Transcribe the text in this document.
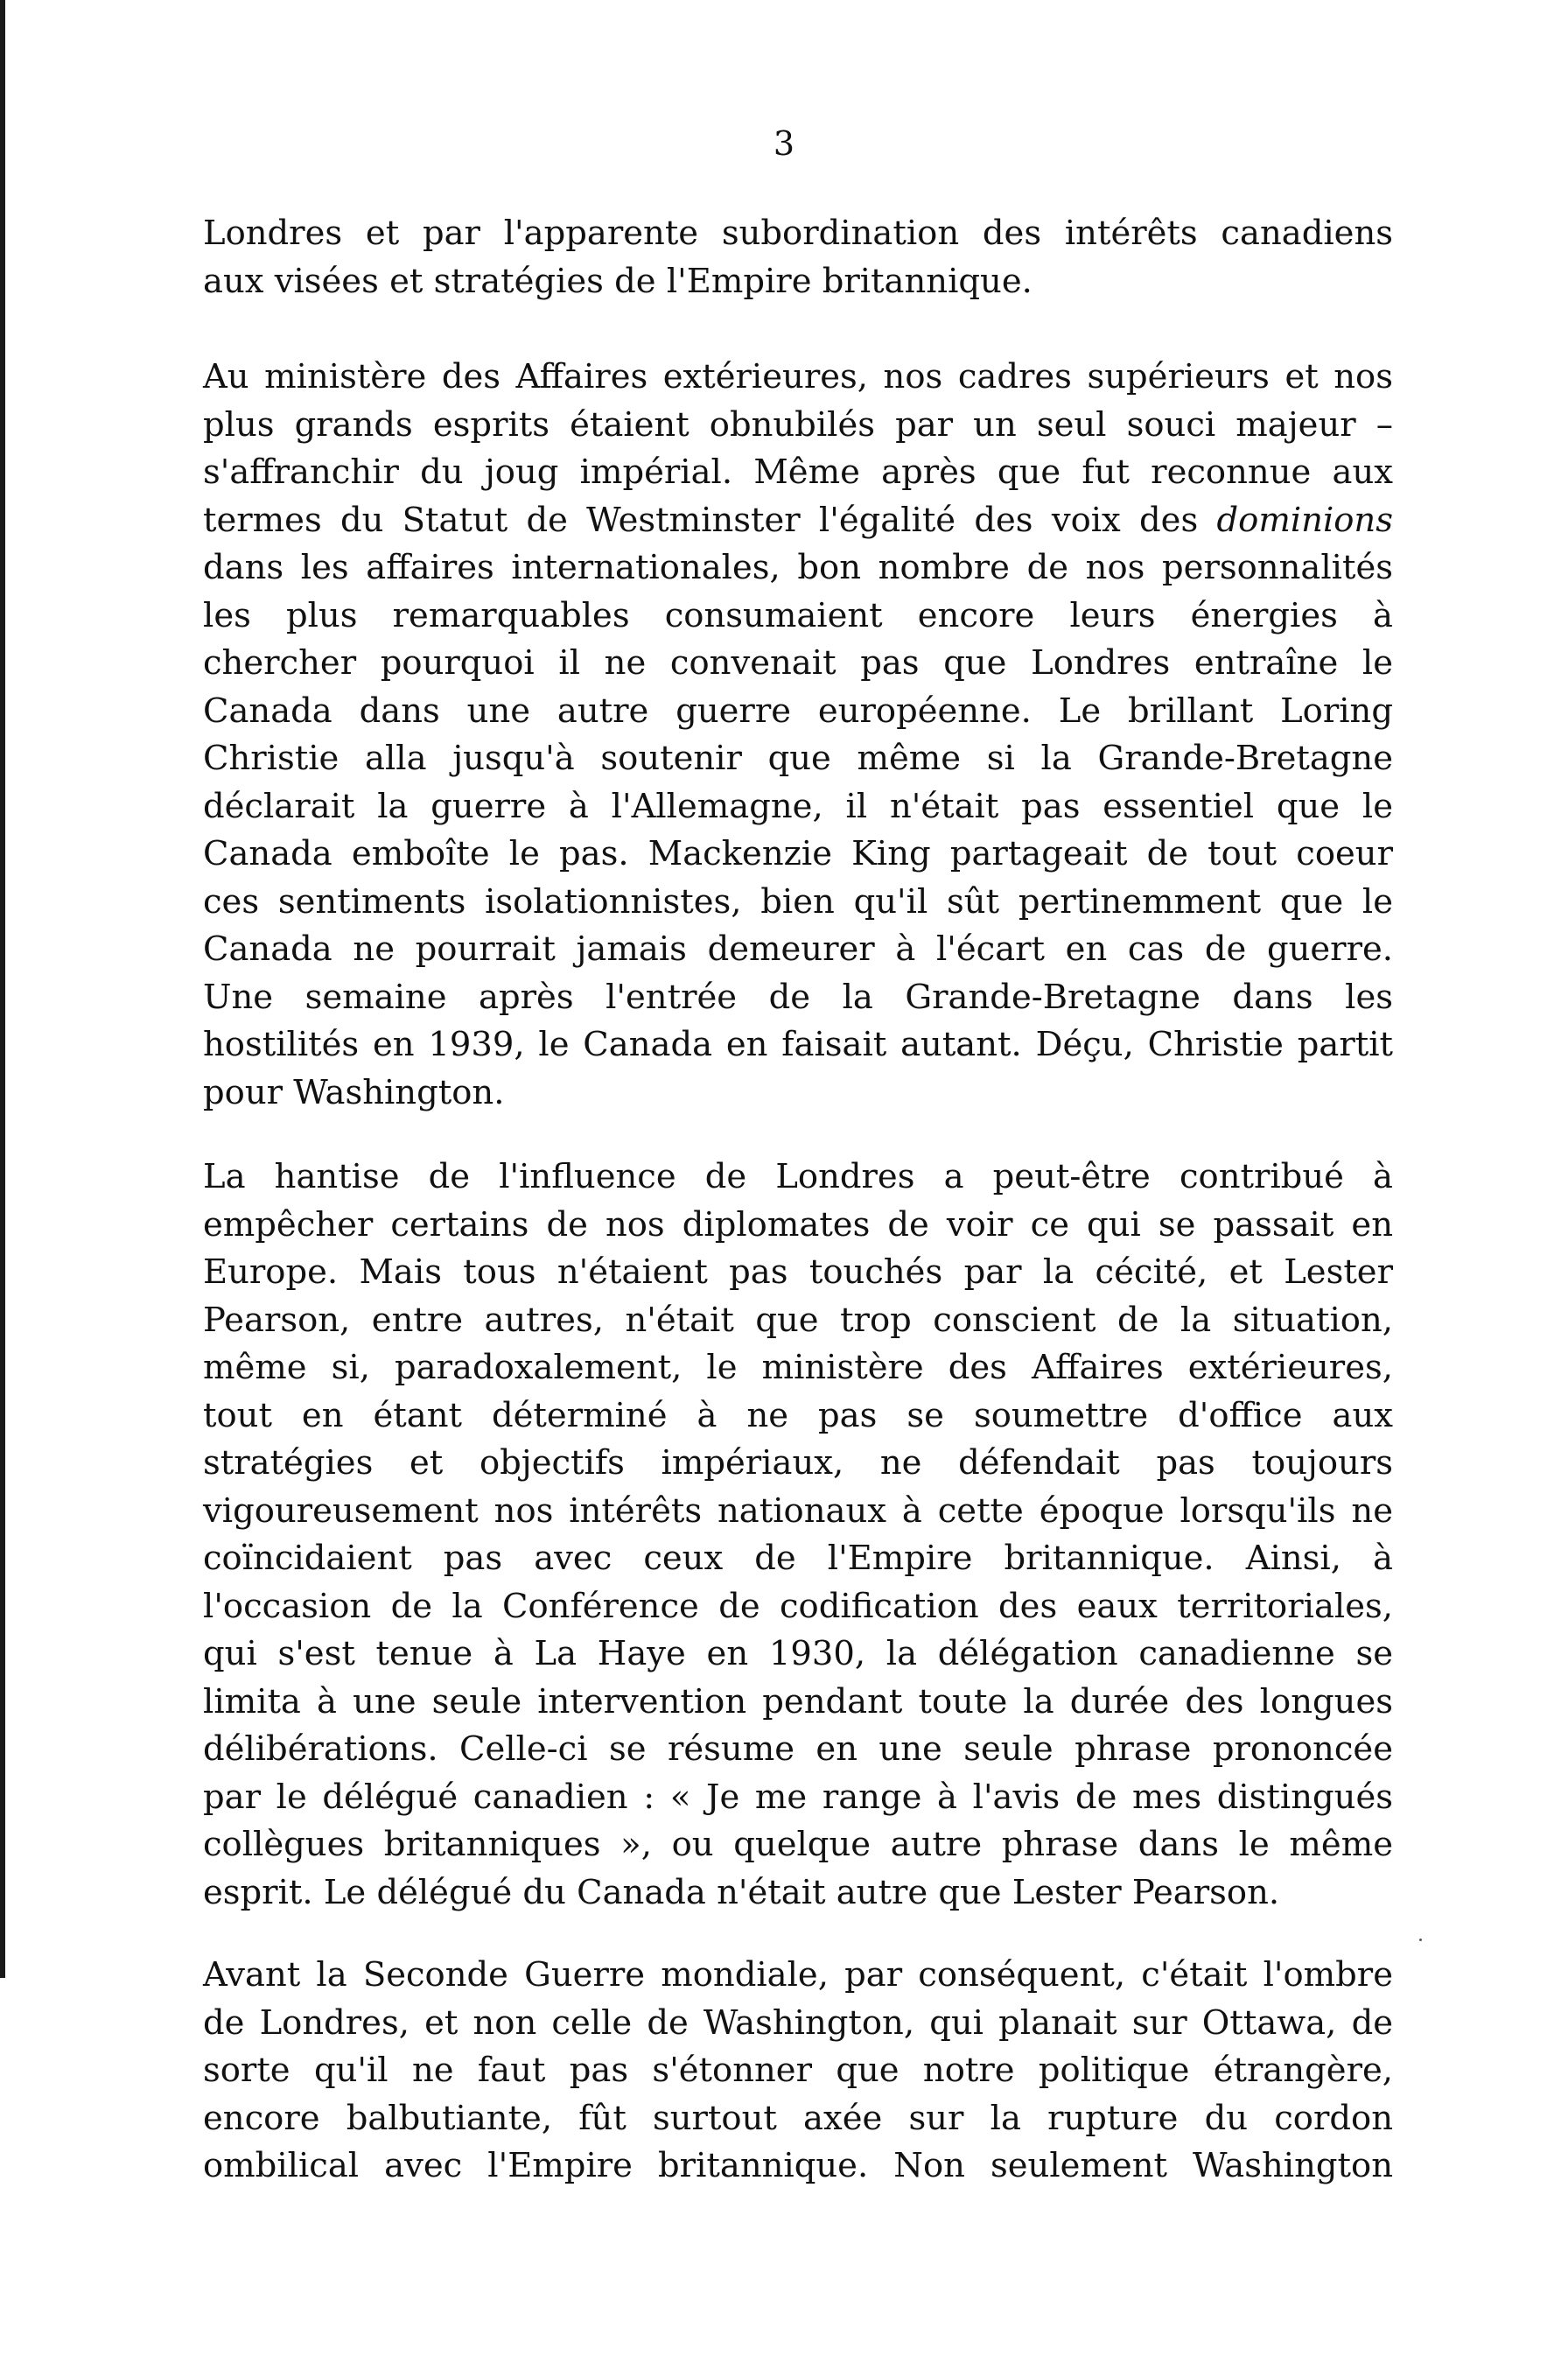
3
Londres et par l'apparente subordination des intérêts canadiens
aux visées et stratégies de l'Empire britannique.
Au ministère des Affaires extérieures, nos cadres supérieurs et nos
plus grands esprits étaient obnubilés par un seul souci majeur –
s'affranchir du joug impérial. Même après que fut reconnue aux
termes du Statut de Westminster l'égalité des voix des dominions
dans les affaires internationales, bon nombre de nos personnalités
les plus remarquables consumaient encore leurs énergies à
chercher pourquoi il ne convenait pas que Londres entraîne le
Canada dans une autre guerre européenne. Le brillant Loring
Christie alla jusqu'à soutenir que même si la Grande-Bretagne
déclarait la guerre à l'Allemagne, il n'était pas essentiel que le
Canada emboîte le pas. Mackenzie King partageait de tout coeur
ces sentiments isolationnistes, bien qu'il sût pertinemment que le
Canada ne pourrait jamais demeurer à l'écart en cas de guerre.
Une semaine après l'entrée de la Grande-Bretagne dans les
hostilités en 1939, le Canada en faisait autant. Déçu, Christie partit
pour Washington.
La hantise de l'influence de Londres a peut-être contribué à
empêcher certains de nos diplomates de voir ce qui se passait en
Europe. Mais tous n'étaient pas touchés par la cécité, et Lester
Pearson, entre autres, n'était que trop conscient de la situation,
même si, paradoxalement, le ministère des Affaires extérieures,
tout en étant déterminé à ne pas se soumettre d'office aux
stratégies et objectifs impériaux, ne défendait pas toujours
vigoureusement nos intérêts nationaux à cette époque lorsqu'ils ne
coïncidaient pas avec ceux de l'Empire britannique. Ainsi, à
l'occasion de la Conférence de codification des eaux territoriales,
qui s'est tenue à La Haye en 1930, la délégation canadienne se
limita à une seule intervention pendant toute la durée des longues
délibérations. Celle-ci se résume en une seule phrase prononcée
par le délégué canadien : « Je me range à l'avis de mes distingués
collègues britanniques », ou quelque autre phrase dans le même
esprit. Le délégué du Canada n'était autre que Lester Pearson.
Avant la Seconde Guerre mondiale, par conséquent, c'était l'ombre
de Londres, et non celle de Washington, qui planait sur Ottawa, de
sorte qu'il ne faut pas s'étonner que notre politique étrangère,
encore balbutiante, fût surtout axée sur la rupture du cordon
ombilical avec l'Empire britannique. Non seulement Washington
